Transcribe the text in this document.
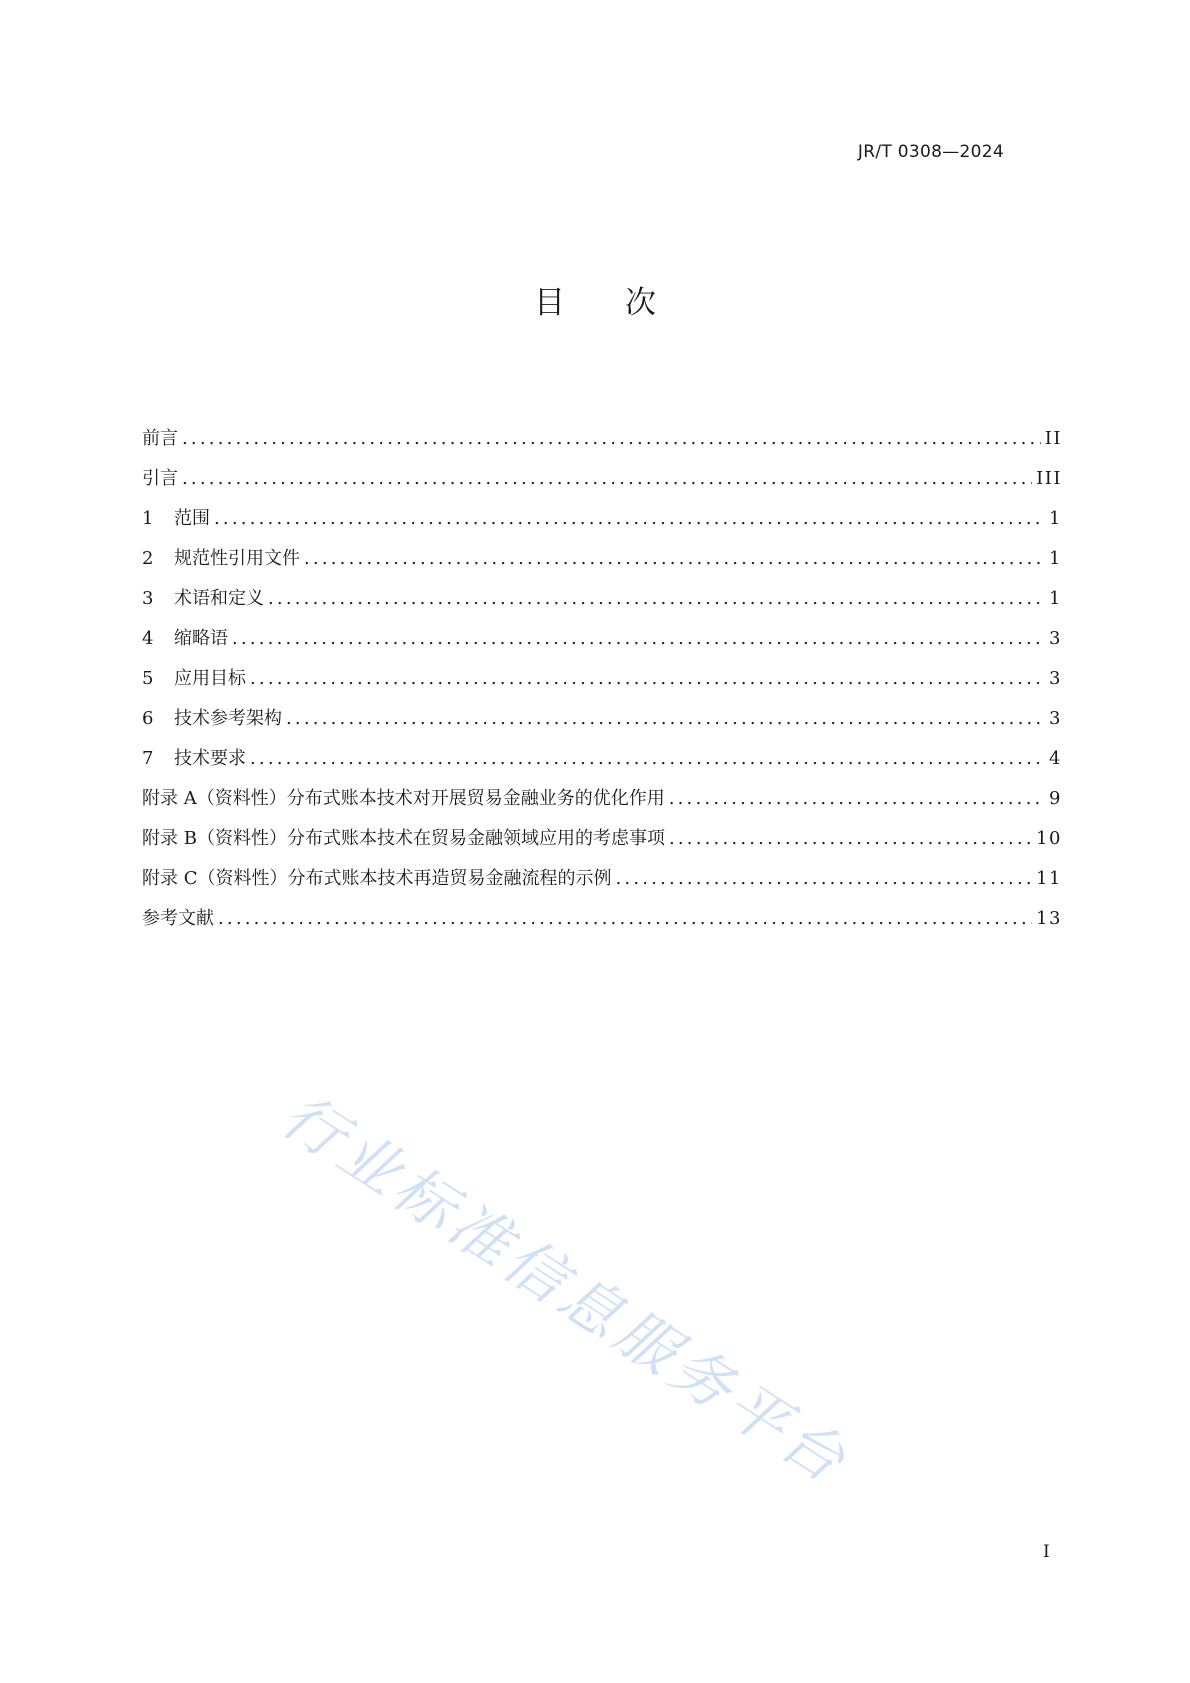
JR/T 0308—2024
目 次
前言 .....	II
引言 .....	III
1	范围 .....	1
2	规范性引用文件 .....	1
3	术语和定义 .....	1
4	缩略语 .....	3
5	应用目标 .....	3
6	技术参考架构 .....	3
7	技术要求 .....	4
附录 A（资料性）分布式账本技术对开展贸易金融业务的优化作用 .....	9
附录 B（资料性）分布式账本技术在贸易金融领域应用的考虑事项 .....	10
附录 C（资料性）分布式账本技术再造贸易金融流程的示例 .....	11
参考文献 .....	13
行业标准信息服务平台
I
